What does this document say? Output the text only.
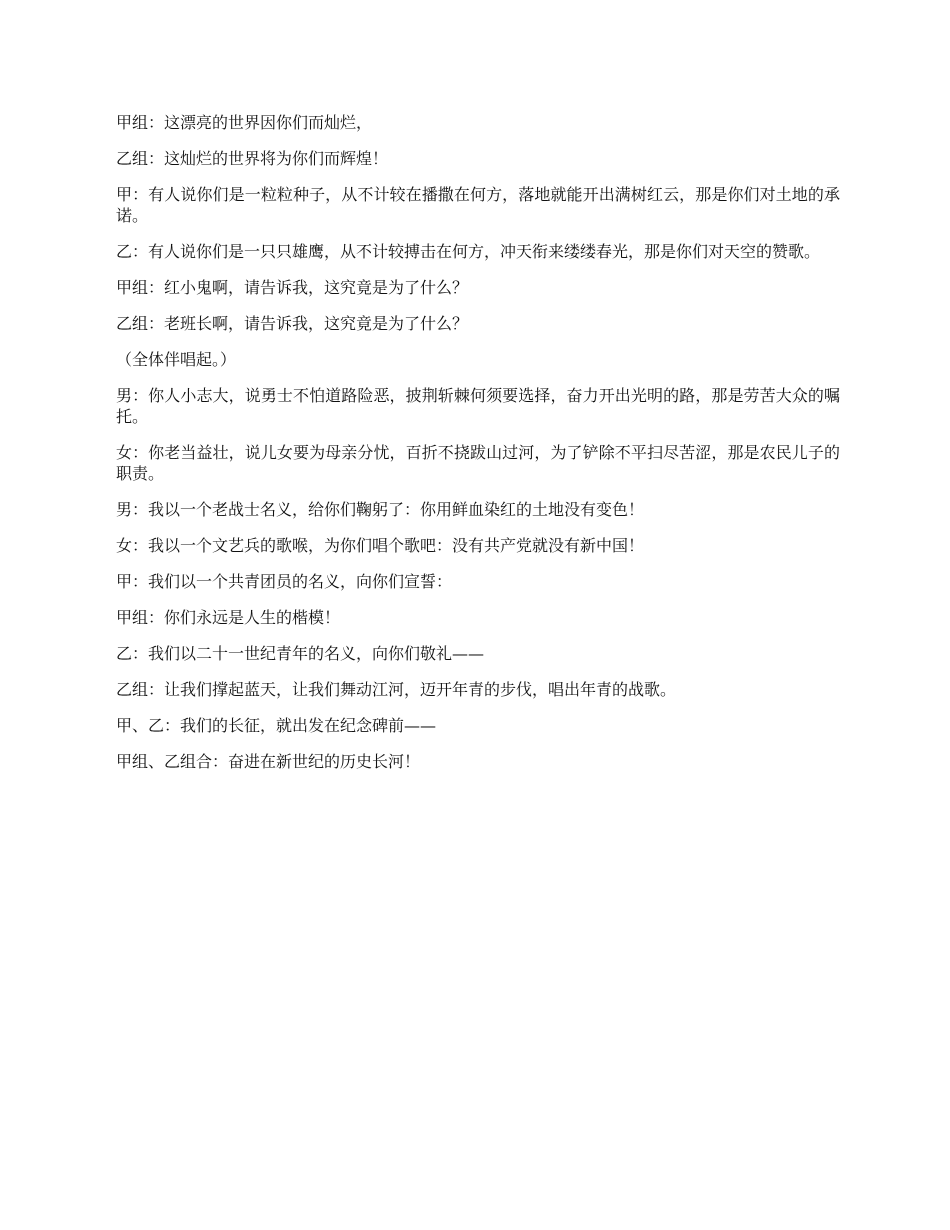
甲组：这漂亮的世界因你们而灿烂，

乙组：这灿烂的世界将为你们而辉煌！

甲：有人说你们是一粒粒种子，从不计较在播撒在何方，落地就能开出满树红云，那是你们对土地的承诺。

乙：有人说你们是一只只雄鹰，从不计较搏击在何方，冲天衔来缕缕春光，那是你们对天空的赞歌。

甲组：红小鬼啊，请告诉我，这究竟是为了什么？

乙组：老班长啊，请告诉我，这究竟是为了什么？

（全体伴唱起。）

男：你人小志大，说勇士不怕道路险恶，披荆斩棘何须要选择，奋力开出光明的路，那是劳苦大众的嘱托。

女：你老当益壮，说儿女要为母亲分忧，百折不挠跋山过河，为了铲除不平扫尽苦涩，那是农民儿子的职责。

男：我以一个老战士名义，给你们鞠躬了：你用鲜血染红的土地没有变色！

女：我以一个文艺兵的歌喉，为你们唱个歌吧：没有共产党就没有新中国！

甲：我们以一个共青团员的名义，向你们宣誓：

甲组：你们永远是人生的楷模！

乙：我们以二十一世纪青年的名义，向你们敬礼——

乙组：让我们撑起蓝天，让我们舞动江河，迈开年青的步伐，唱出年青的战歌。

甲、乙：我们的长征，就出发在纪念碑前——

甲组、乙组合：奋进在新世纪的历史长河！
